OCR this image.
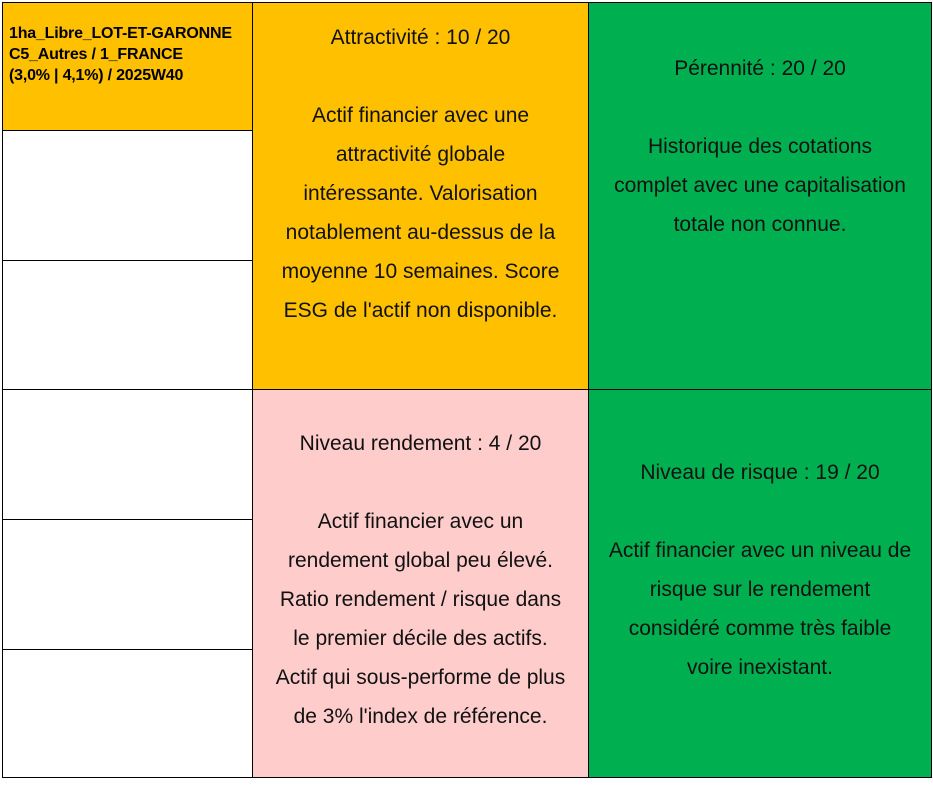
1ha_Libre_LOT-ET-GARONNE
C5_Autres / 1_FRANCE
(3,0% | 4,1%) / 2025W40
Attractivité : 10 / 20
Actif financier avec une
attractivité globale
intéressante. Valorisation
notablement au-dessus de la
moyenne 10 semaines. Score
ESG de l'actif non disponible.
Pérennité : 20 / 20
Historique des cotations
complet avec une capitalisation
totale non connue.
Niveau rendement : 4 / 20
Actif financier avec un
rendement global peu élevé.
Ratio rendement / risque dans
le premier décile des actifs.
Actif qui sous-performe de plus
de 3% l'index de référence.
Niveau de risque : 19 / 20
Actif financier avec un niveau de
risque sur le rendement
considéré comme très faible
voire inexistant.
